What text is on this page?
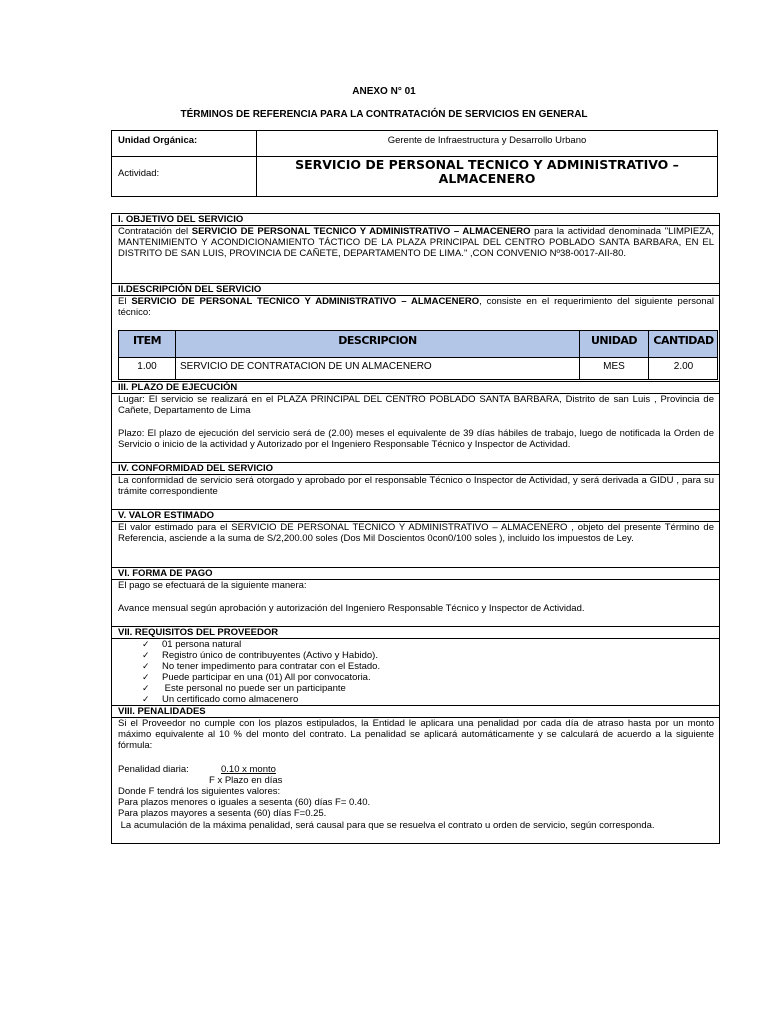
ANEXO N° 01
TÉRMINOS DE REFERENCIA PARA LA CONTRATACIÓN DE SERVICIOS EN GENERAL
Unidad Orgánica:	Gerente de Infraestructura y Desarrollo Urbano
Actividad:
SERVICIO DE PERSONAL TECNICO Y ADMINISTRATIVO –
ALMACENERO
I. OBJETIVO DEL SERVICIO
Contratación del SERVICIO DE PERSONAL TECNICO Y ADMINISTRATIVO – ALMACENERO para la actividad denominada "LIMPIEZA, MANTENIMIENTO Y ACONDICIONAMIENTO TÁCTICO DE LA PLAZA PRINCIPAL DEL CENTRO POBLADO SANTA BARBARA, EN EL DISTRITO DE SAN LUIS, PROVINCIA DE CAÑETE, DEPARTAMENTO DE LIMA." ,CON CONVENIO Nº38-0017-AII-80.
II.DESCRIPCIÓN DEL SERVICIO
El SERVICIO DE PERSONAL TECNICO Y ADMINISTRATIVO – ALMACENERO, consiste en el requerimiento del siguiente personal técnico:
ITEM	DESCRIPCION	UNIDAD	CANTIDAD
1.00	SERVICIO DE CONTRATACION DE UN ALMACENERO	MES	2.00
III. PLAZO DE EJECUCIÓN
Lugar: El servicio se realizará en el PLAZA PRINCIPAL DEL CENTRO POBLADO SANTA BARBARA, Distrito de san Luis , Provincia de Cañete, Departamento de Lima
Plazo: El plazo de ejecución del servicio será de (2.00) meses el equivalente de 39 días hábiles de trabajo, luego de notificada la Orden de Servicio o inicio de la actividad y Autorizado por el Ingeniero Responsable Técnico y Inspector de Actividad.
IV. CONFORMIDAD DEL SERVICIO
La conformidad de servicio será otorgado y aprobado por el responsable Técnico o Inspector de Actividad, y será derivada a GIDU , para su trámite correspondiente
V. VALOR ESTIMADO
El valor estimado para el SERVICIO DE PERSONAL TECNICO Y ADMINISTRATIVO – ALMACENERO , objeto del presente Término de Referencia, asciende a la suma de S/2,200.00 soles (Dos Mil Doscientos 0con0/100 soles ), incluido los impuestos de Ley.
VI. FORMA DE PAGO
El pago se efectuará de la siguiente manera:
Avance mensual según aprobación y autorización del Ingeniero Responsable Técnico y Inspector de Actividad.
VII. REQUISITOS DEL PROVEEDOR
✓ 01 persona natural
✓ Registro único de contribuyentes (Activo y Habido).
✓ No tener impedimento para contratar con el Estado.
✓ Puede participar en una (01) All por convocatoria.
✓ Este personal no puede ser un participante
✓ Un certificado como almacenero
VIII. PENALIDADES
Si el Proveedor no cumple con los plazos estipulados, la Entidad le aplicara una penalidad por cada día de atraso hasta por un monto máximo equivalente al 10 % del monto del contrato. La penalidad se aplicará automáticamente y se calculará de acuerdo a la siguiente fórmula:
Penalidad diaria:	0.10 x monto
F x Plazo en días
Donde F tendrá los siguientes valores:
Para plazos menores o iguales a sesenta (60) días F= 0.40.
Para plazos mayores a sesenta (60) días F=0.25.
La acumulación de la máxima penalidad, será causal para que se resuelva el contrato u orden de servicio, según corresponda.
